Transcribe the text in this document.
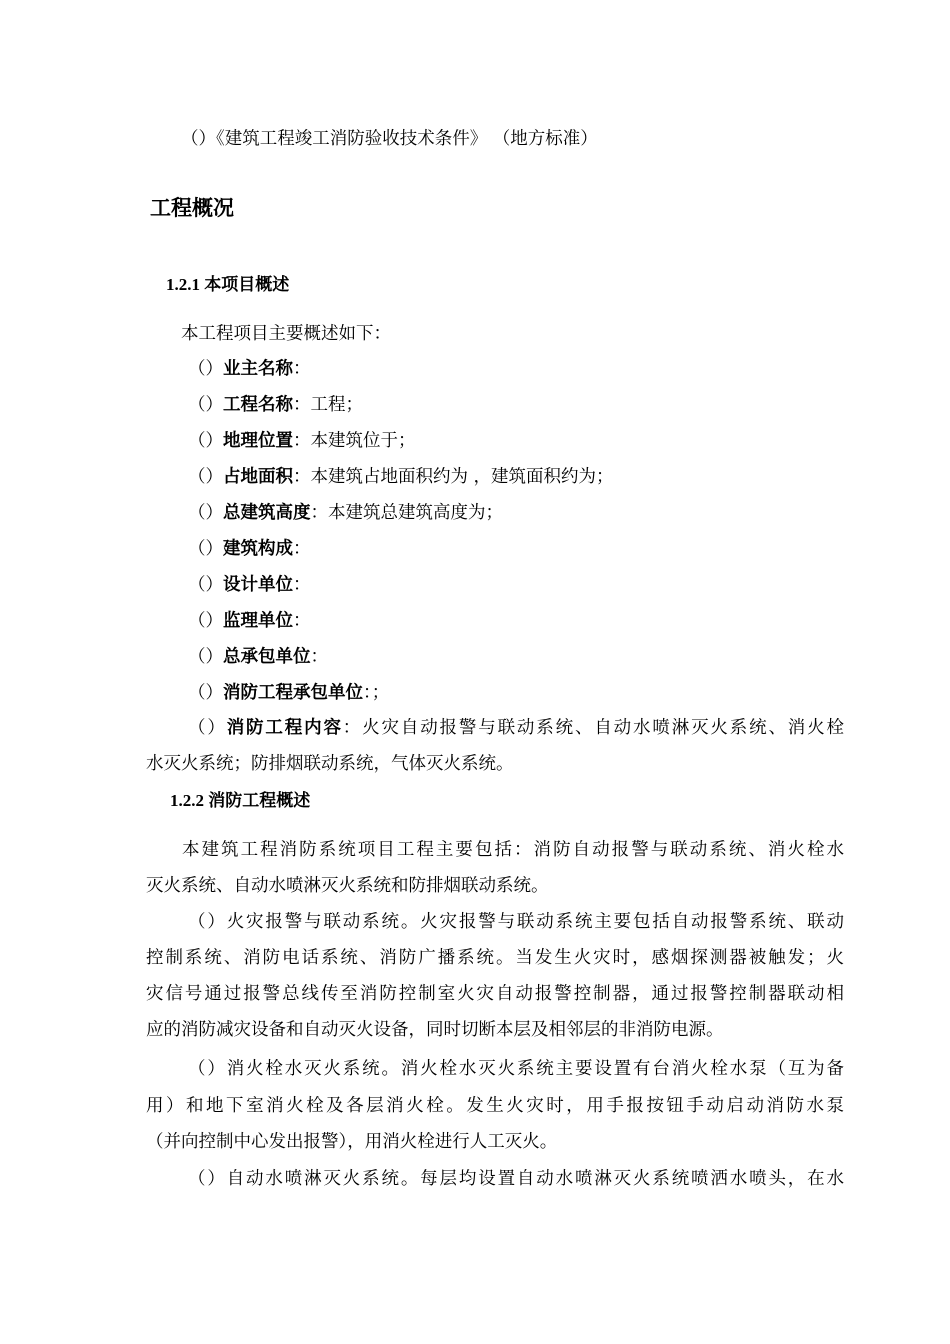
（）《建筑工程竣工消防验收技术条件》 （地方标准）
工程概况
1.2.1 本项目概述
本工程项目主要概述如下：
（）业主名称：
（）工程名称：工程；
（）地理位置：本建筑位于；
（）占地面积：本建筑占地面积约为 ，建筑面积约为；
（）总建筑高度：本建筑总建筑高度为；
（）建筑构成：
（）设计单位：
（）监理单位：
（）总承包单位：
（）消防工程承包单位：；
（）消防工程内容：火灾自动报警与联动系统、自动水喷淋灭火系统、消火栓
水灭火系统；防排烟联动系统，气体灭火系统。
1.2.2 消防工程概述
本建筑工程消防系统项目工程主要包括：消防自动报警与联动系统、消火栓水
灭火系统、自动水喷淋灭火系统和防排烟联动系统。
（）火灾报警与联动系统。火灾报警与联动系统主要包括自动报警系统、联动
控制系统、消防电话系统、消防广播系统。当发生火灾时，感烟探测器被触发；火
灾信号通过报警总线传至消防控制室火灾自动报警控制器，通过报警控制器联动相
应的消防减灾设备和自动灭火设备，同时切断本层及相邻层的非消防电源。
（）消火栓水灭火系统。消火栓水灭火系统主要设置有台消火栓水泵（互为备
用）和地下室消火栓及各层消火栓。发生火灾时，用手报按钮手动启动消防水泵
（并向控制中心发出报警），用消火栓进行人工灭火。
（）自动水喷淋灭火系统。每层均设置自动水喷淋灭火系统喷洒水喷头，在水
